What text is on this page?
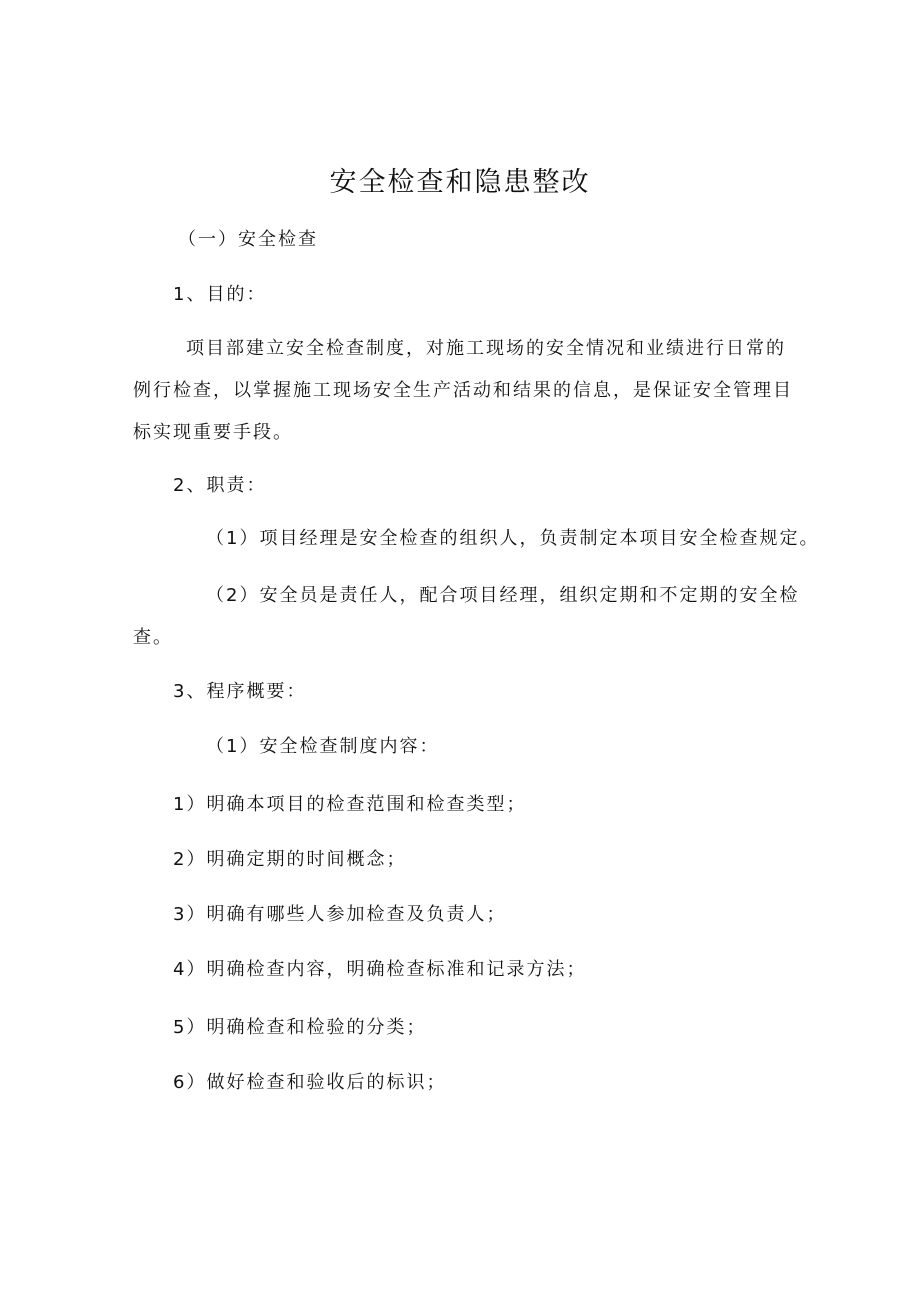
安全检查和隐患整改
（一）安全检查
1、目的：
项目部建立安全检查制度，对施工现场的安全情况和业绩进行日常的
例行检查，以掌握施工现场安全生产活动和结果的信息，是保证安全管理目
标实现重要手段。
2、职责：
（1）项目经理是安全检查的组织人，负责制定本项目安全检查规定。
（2）安全员是责任人，配合项目经理，组织定期和不定期的安全检
查。
3、程序概要：
（1）安全检查制度内容：
1）明确本项目的检查范围和检查类型；
2）明确定期的时间概念；
3）明确有哪些人参加检查及负责人；
4）明确检查内容，明确检查标准和记录方法；
5）明确检查和检验的分类；
6）做好检查和验收后的标识；
